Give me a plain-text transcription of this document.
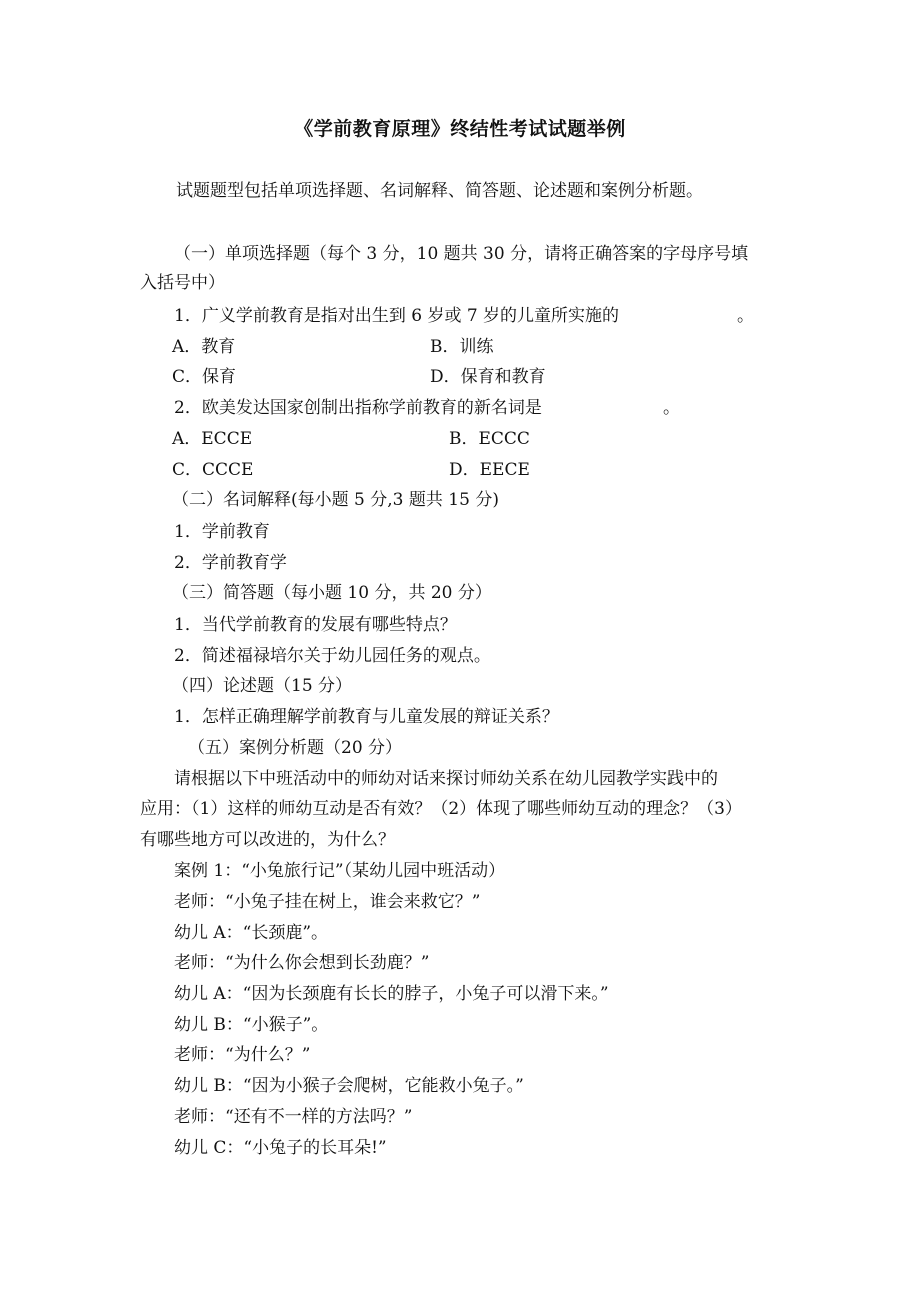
《学前教育原理》终结性考试试题举例
试题题型包括单项选择题、名词解释、简答题、论述题和案例分析题。
（一）单项选择题（每个 3 分，10 题共 30 分，请将正确答案的字母序号填
入括号中）
1．广义学前教育是指对出生到 6 岁或 7 岁的儿童所实施的	。
A．教育	B．训练
C．保育	D．保育和教育
2．欧美发达国家创制出指称学前教育的新名词是	。
A．ECCE	B．ECCC
C．CCCE	D．EECE
（二）名词解释(每小题 5 分,3 题共 15 分)
1．学前教育
2．学前教育学
（三）简答题（每小题 10 分，共 20 分）
1．当代学前教育的发展有哪些特点？
2．简述福禄培尔关于幼儿园任务的观点。
（四）论述题（15 分）
1．怎样正确理解学前教育与儿童发展的辩证关系？
（五）案例分析题（20 分）
请根据以下中班活动中的师幼对话来探讨师幼关系在幼儿园教学实践中的
应用：（1）这样的师幼互动是否有效？（2）体现了哪些师幼互动的理念？（3）
有哪些地方可以改进的，为什么？
案例 1：“小兔旅行记”（某幼儿园中班活动）
老师：“小兔子挂在树上，谁会来救它？”
幼儿 A：“长颈鹿”。
老师：“为什么你会想到长劲鹿？”
幼儿 A：“因为长颈鹿有长长的脖子，小兔子可以滑下来。”
幼儿 B：“小猴子”。
老师：“为什么？”
幼儿 B：“因为小猴子会爬树，它能救小兔子。”
老师：“还有不一样的方法吗？”
幼儿 C：“小兔子的长耳朵!”
